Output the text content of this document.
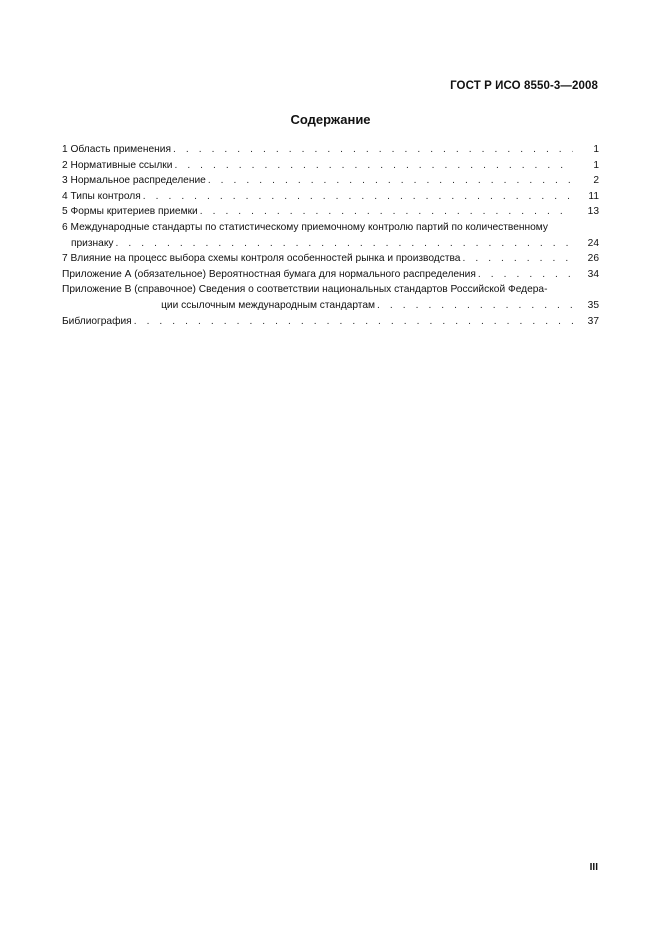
ГОСТ Р ИСО 8550-3—2008
Содержание
1 Область применения . . .	1
2 Нормативные ссылки . . .	1
3 Нормальное распределение . . .	2
4 Типы контроля . . .	11
5 Формы критериев приемки . . .	13
6 Международные стандарты по статистическому приемочному контролю партий по количественному
признаку . . .	24
7 Влияние на процесс выбора схемы контроля особенностей рынка и производства . . .	26
Приложение А (обязательное) Вероятностная бумага для нормального распределения . . .	34
Приложение В (справочное) Сведения о соответствии национальных стандартов Российской Федера-
ции ссылочным международным стандартам . . .	35
Библиография . . .	37
III
